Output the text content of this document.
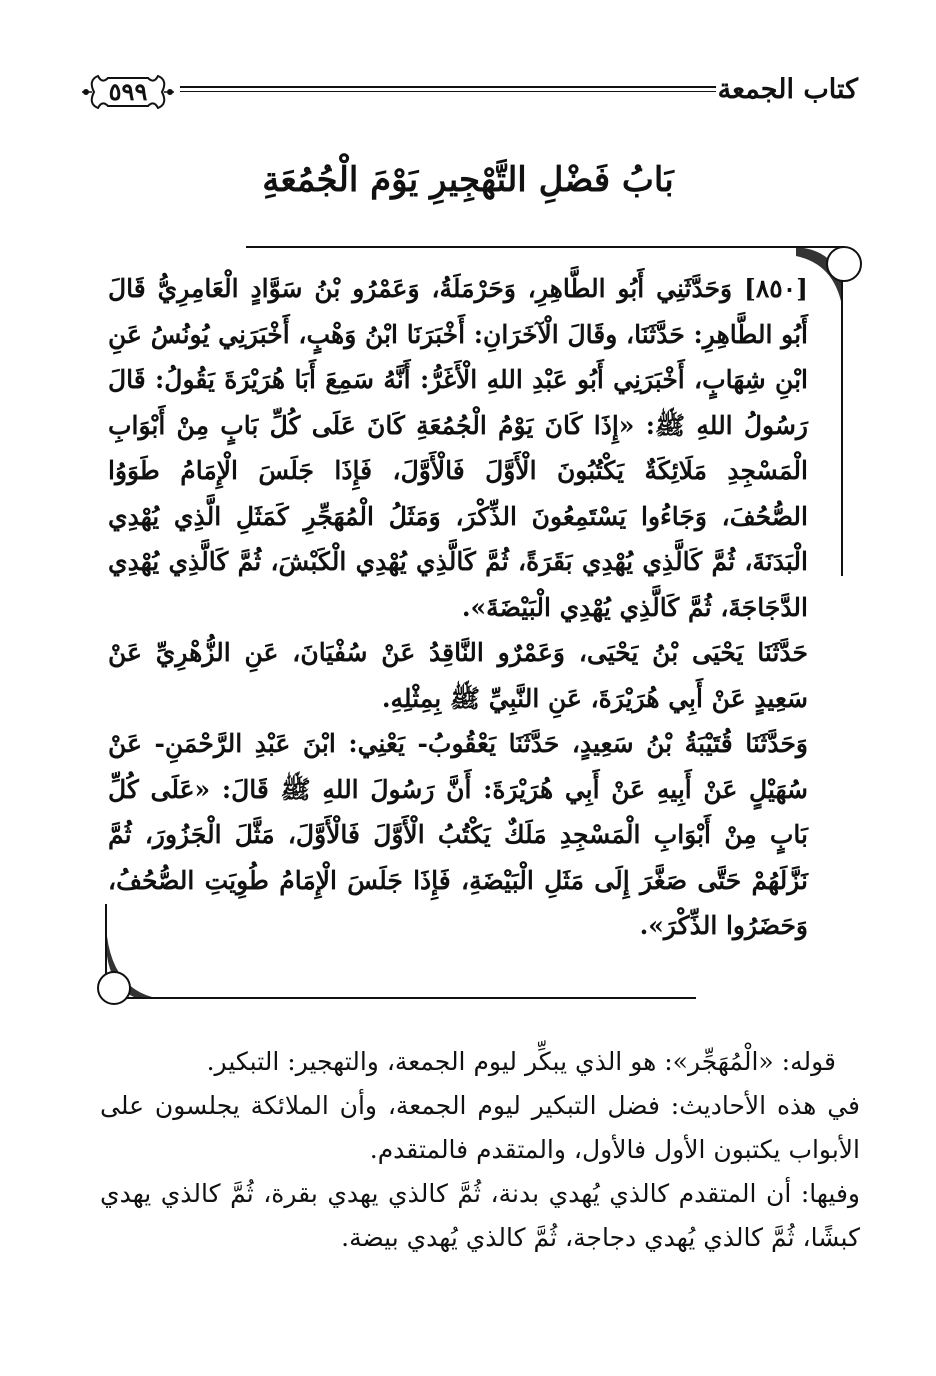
كتاب الجمعة
٥٩٩
بَابُ فَضْلِ التَّهْجِيرِ يَوْمَ الْجُمُعَةِ

[٨٥٠] وَحَدَّثَنِي أَبُو الطَّاهِرِ، وَحَرْمَلَةُ، وَعَمْرُو بْنُ سَوَّادٍ الْعَامِرِيُّ قَالَ أَبُو الطَّاهِرِ: حَدَّثَنَا، وقَالَ الْآخَرَانِ: أَخْبَرَنَا ابْنُ وَهْبٍ، أَخْبَرَنِي يُونُسُ عَنِ ابْنِ شِهَابٍ، أَخْبَرَنِي أَبُو عَبْدِ اللهِ الْأَغَرُّ: أَنَّهُ سَمِعَ أَبَا هُرَيْرَةَ يَقُولُ: قَالَ رَسُولُ اللهِ ﷺ: «إِذَا كَانَ يَوْمُ الْجُمُعَةِ كَانَ عَلَى كُلِّ بَابٍ مِنْ أَبْوَابِ الْمَسْجِدِ مَلَائِكَةٌ يَكْتُبُونَ الْأَوَّلَ فَالْأَوَّلَ، فَإِذَا جَلَسَ الْإِمَامُ طَوَوُا الصُّحُفَ، وَجَاءُوا يَسْتَمِعُونَ الذِّكْرَ، وَمَثَلُ الْمُهَجِّرِ كَمَثَلِ الَّذِي يُهْدِي الْبَدَنَةَ، ثُمَّ كَالَّذِي يُهْدِي بَقَرَةً، ثُمَّ كَالَّذِي يُهْدِي الْكَبْشَ، ثُمَّ كَالَّذِي يُهْدِي الدَّجَاجَةَ، ثُمَّ كَالَّذِي يُهْدِي الْبَيْضَةَ».

حَدَّثَنَا يَحْيَى بْنُ يَحْيَى، وَعَمْرٌو النَّاقِدُ عَنْ سُفْيَانَ، عَنِ الزُّهْرِيِّ عَنْ سَعِيدٍ عَنْ أَبِي هُرَيْرَةَ، عَنِ النَّبِيِّ ﷺ بِمِثْلِهِ.

وَحَدَّثَنَا قُتَيْبَةُ بْنُ سَعِيدٍ، حَدَّثَنَا يَعْقُوبُ- يَعْنِي: ابْنَ عَبْدِ الرَّحْمَنِ- عَنْ سُهَيْلٍ عَنْ أَبِيهِ عَنْ أَبِي هُرَيْرَةَ: أَنَّ رَسُولَ اللهِ ﷺ قَالَ: «عَلَى كُلِّ بَابٍ مِنْ أَبْوَابِ الْمَسْجِدِ مَلَكٌ يَكْتُبُ الْأَوَّلَ فَالْأَوَّلَ، مَثَّلَ الْجَزُورَ، ثُمَّ نَزَّلَهُمْ حَتَّى صَغَّرَ إِلَى مَثَلِ الْبَيْضَةِ، فَإِذَا جَلَسَ الْإِمَامُ طُوِيَتِ الصُّحُفُ، وَحَضَرُوا الذِّكْرَ».

قوله: «الْمُهَجِّر»: هو الذي يبكِّر ليوم الجمعة، والتهجير: التبكير.

في هذه الأحاديث: فضل التبكير ليوم الجمعة، وأن الملائكة يجلسون على الأبواب يكتبون الأول فالأول، والمتقدم فالمتقدم.

وفيها: أن المتقدم كالذي يُهدي بدنة، ثُمَّ كالذي يهدي بقرة، ثُمَّ كالذي يهدي كبشًا، ثُمَّ كالذي يُهدي دجاجة، ثُمَّ كالذي يُهدي بيضة.
